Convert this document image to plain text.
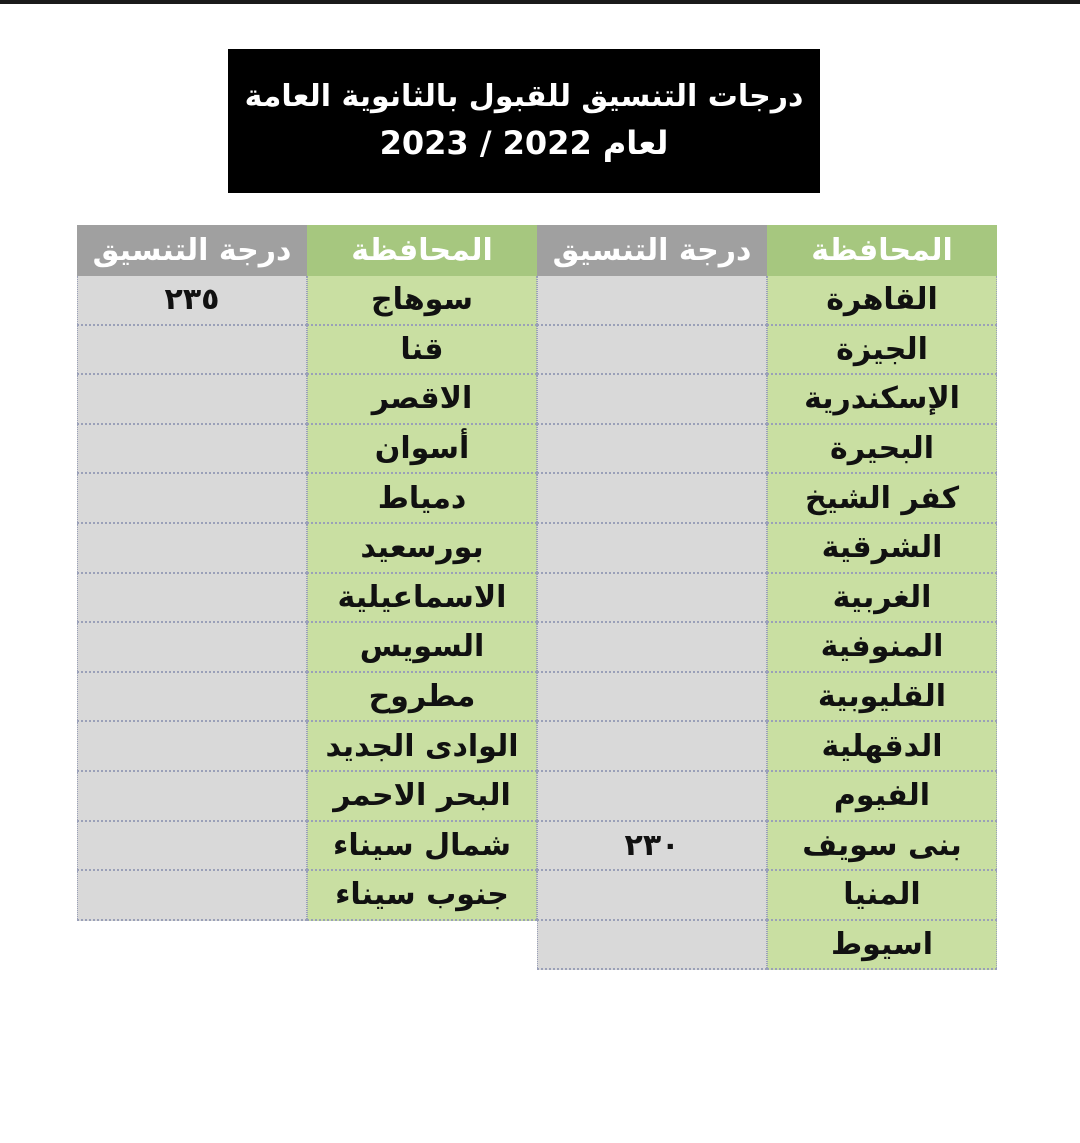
درجات التنسيق للقبول بالثانوية العامة
لعام 2022 / 2023
المحافظة
القاهرة
الجيزة
الإسكندرية
البحيرة
كفر الشيخ
الشرقية
الغربية
المنوفية
القليوبية
الدقهلية
الفيوم
بنى سويف
المنيا
اسيوط
درجة التنسيق
٢٣٠
المحافظة
سوهاج
قنا
الاقصر
أسوان
دمياط
بورسعيد
الاسماعيلية
السويس
مطروح
الوادى الجديد
البحر الاحمر
شمال سيناء
جنوب سيناء
درجة التنسيق
٢٣٥
